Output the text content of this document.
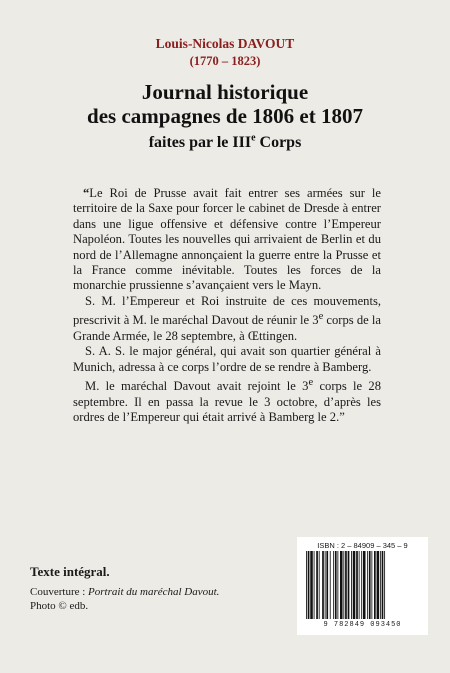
Louis-Nicolas DAVOUT
(1770 – 1823)
Journal historique
des campagnes de 1806 et 1807
faites par le IIIe Corps

“Le Roi de Prusse avait fait entrer ses armées sur le territoire de la Saxe pour forcer le cabinet de Dresde à entrer dans une ligue offensive et défensive contre l’Empereur Napoléon. Toutes les nouvelles qui arrivaient de Berlin et du nord de l’Allemagne annonçaient la guerre entre la Prusse et la France comme inévitable. Toutes les forces de la monarchie prussienne s’avançaient vers le Mayn.

S. M. l’Empereur et Roi instruite de ces mouvements, prescrivit à M. le maréchal Davout de réunir le 3e corps de la Grande Armée, le 28 septembre, à Œttingen.

S. A. S. le major général, qui avait son quartier général à Munich, adressa à ce corps l’ordre de se rendre à Bamberg.

M. le maréchal Davout avait rejoint le 3e corps le 28 septembre. Il en passa la revue le 3 octobre, d’après les ordres de l’Empereur qui était arrivé à Bamberg le 2.”

Texte intégral.
Couverture : Portrait du maréchal Davout.
Photo © edb.
ISBN : 2 – 84909 – 345 – 9
9 782849 093450
